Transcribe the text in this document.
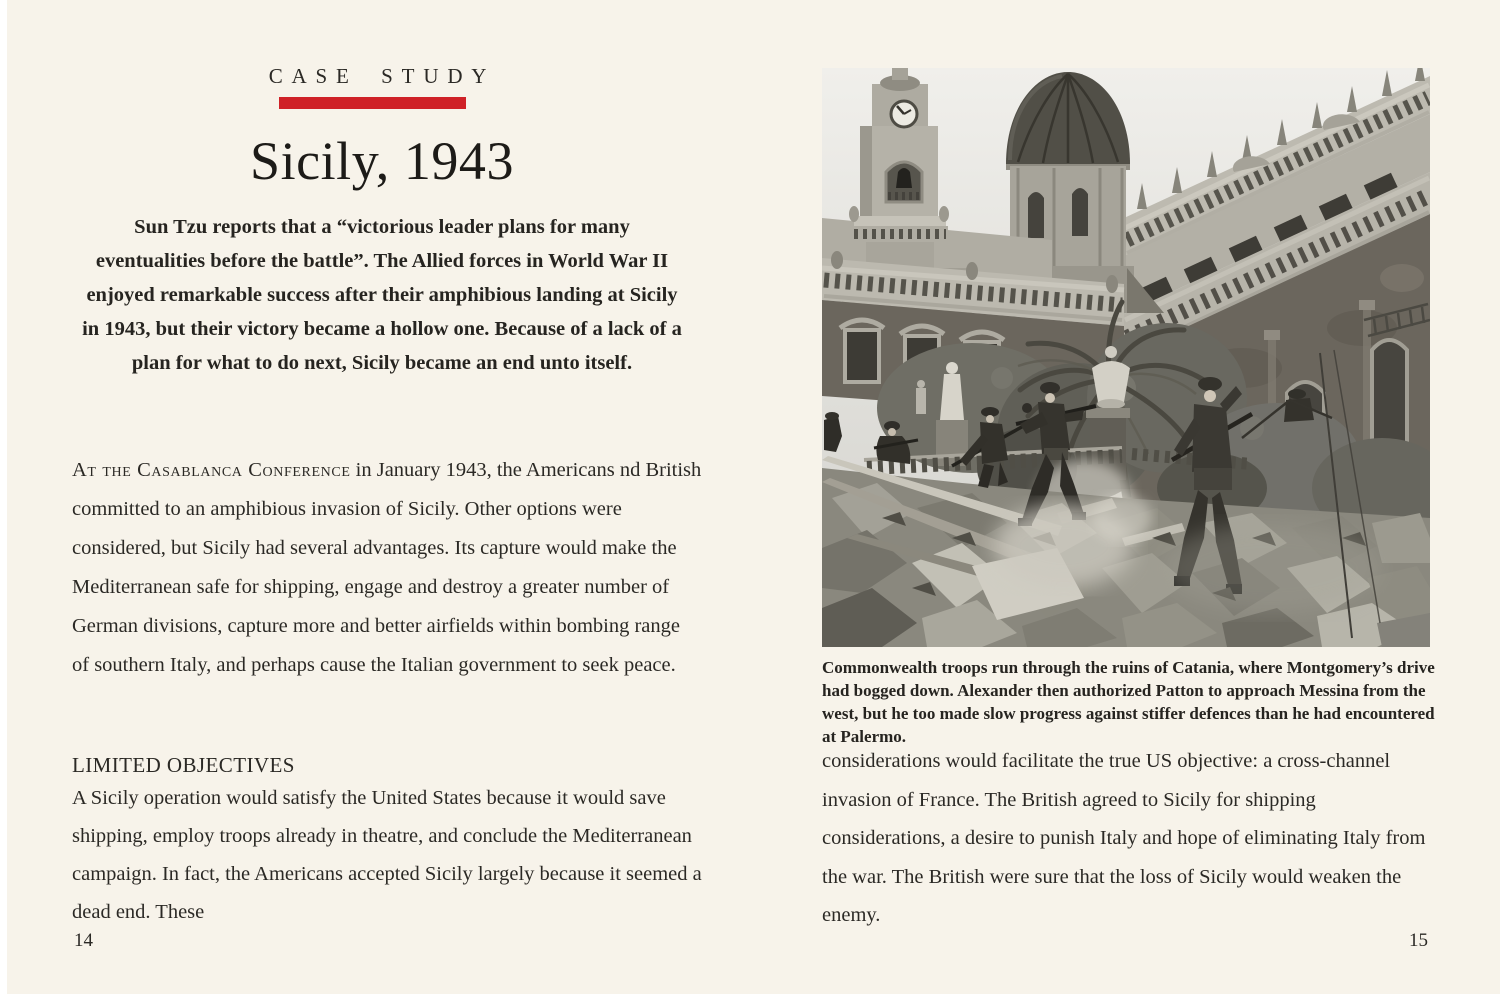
CASE STUDY
Sicily, 1943

Sun Tzu reports that a “victorious leader plans for many eventualities before the battle”. The Allied forces in World War II enjoyed remarkable success after their amphibious landing at Sicily in 1943, but their victory became a hollow one. Because of a lack of a plan for what to do next, Sicily became an end unto itself.

At the Casablanca Conference in January 1943, the Americans nd British committed to an amphibious invasion of Sicily. Other options were considered, but Sicily had several advantages. Its capture would make the Mediterranean safe for shipping, engage and destroy a greater number of German divisions, capture more and better airfields within bombing range of southern Italy, and perhaps cause the Italian government to seek peace.

LIMITED OBJECTIVES

A Sicily operation would satisfy the United States because it would save shipping, employ troops already in theatre, and conclude the Mediterranean campaign. In fact, the Americans accepted Sicily largely because it seemed a dead end. These

14

Commonwealth troops run through the ruins of Catania, where Montgomery’s drive had bogged down. Alexander then authorized Patton to approach Messina from the west, but he too made slow progress against stiffer defences than he had encountered at Palermo.

considerations would facilitate the true US objective: a cross-channel invasion of France. The British agreed to Sicily for shipping considerations, a desire to punish Italy and hope of eliminating Italy from the war. The British were sure that the loss of Sicily would weaken the enemy.

15
